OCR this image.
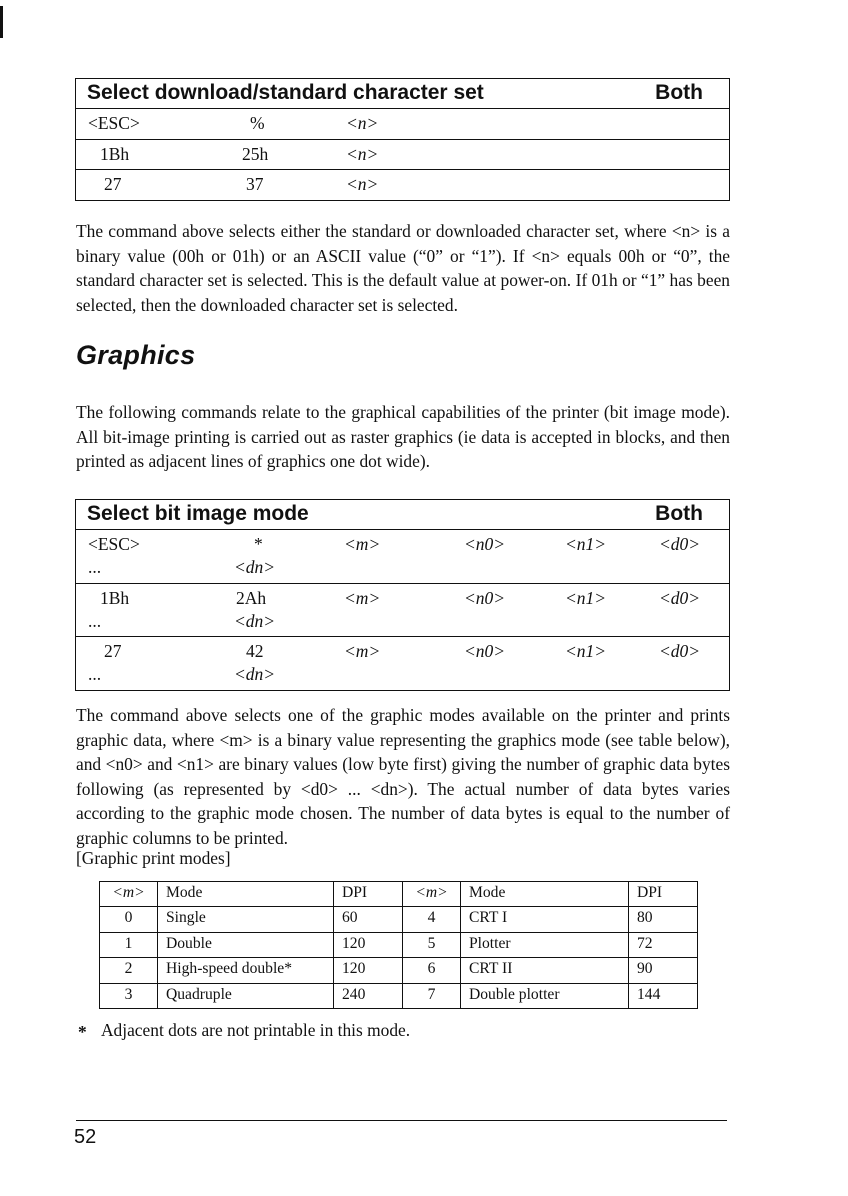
Select download/standard character set	Both
<ESC>	%	<n>
1Bh	25h	<n>
27	37	<n>

The command above selects either the standard or downloaded character set, where <n> is a binary value (00h or 01h) or an ASCII value (“0” or “1”). If <n> equals 00h or “0”, the standard character set is selected. This is the default value at power-on. If 01h or “1” has been selected, then the downloaded character set is selected.

Graphics

The following commands relate to the graphical capabilities of the printer (bit image mode). All bit-image printing is carried out as raster graphics (ie data is accepted in blocks, and then printed as adjacent lines of graphics one dot wide).

Select bit image mode	Both
<ESC>	*	<m>	<n0>	<n1>	<d0>
...	<dn>
1Bh	2Ah	<m>	<n0>	<n1>	<d0>
...	<dn>
27	42	<m>	<n0>	<n1>	<d0>
...	<dn>

The command above selects one of the graphic modes available on the printer and prints graphic data, where <m> is a binary value representing the graphics mode (see table below), and <n0> and <n1> are binary values (low byte first) giving the number of graphic data bytes following (as represented by <d0> ... <dn>). The actual number of data bytes varies according to the graphic mode chosen. The number of data bytes is equal to the number of graphic columns to be printed.

[Graphic print modes]
<m>	Mode	DPI	<m>	Mode	DPI
0	Single	60	4	CRT I	80
1	Double	120	5	Plotter	72
2	High-speed double*	120	6	CRT II	90
3	Quadruple	240	7	Double plotter	144
* Adjacent dots are not printable in this mode.
52
